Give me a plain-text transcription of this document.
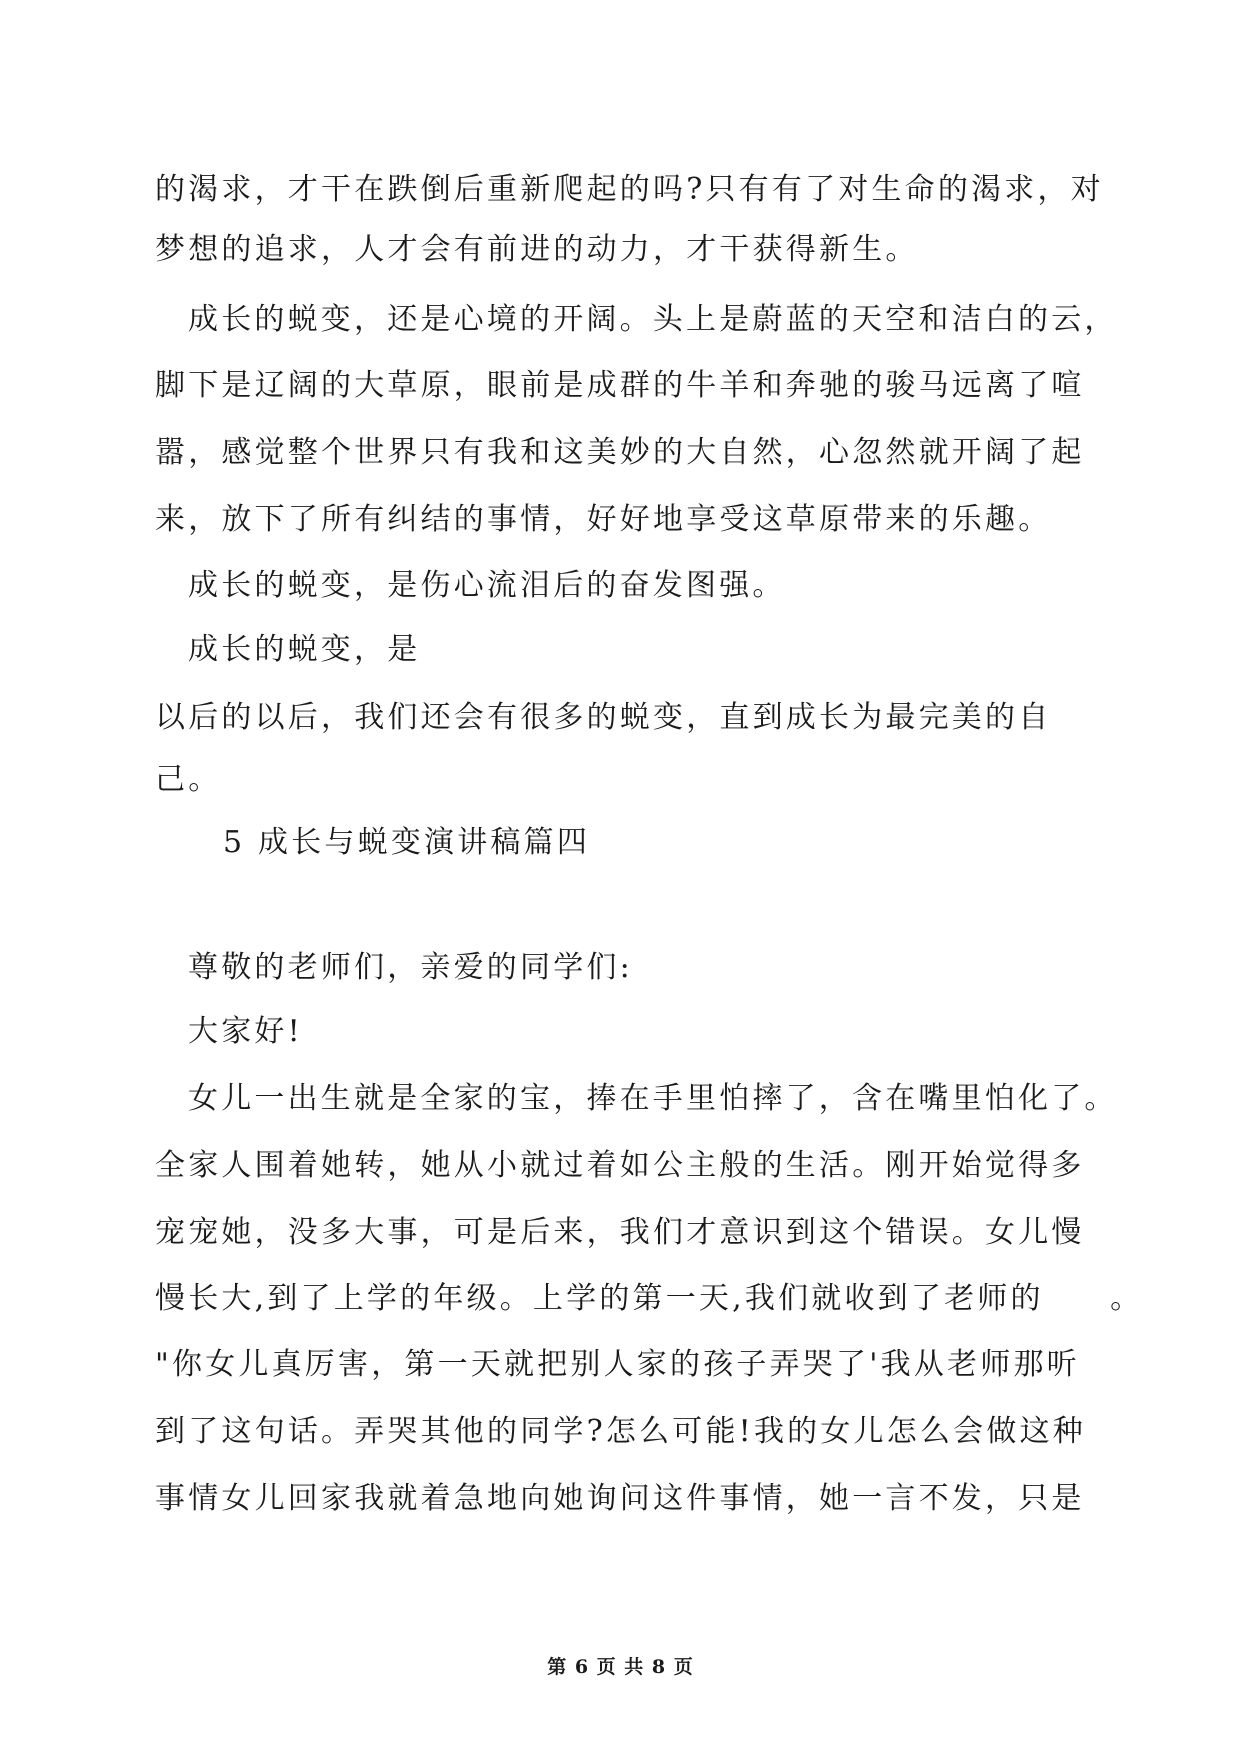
的渴求，才干在跌倒后重新爬起的吗?只有有了对生命的渴求，对
梦想的追求，人才会有前进的动力，才干获得新生。
成长的蜕变，还是心境的开阔。头上是蔚蓝的天空和洁白的云，
脚下是辽阔的大草原，眼前是成群的牛羊和奔驰的骏马远离了喧
嚣，感觉整个世界只有我和这美妙的大自然，心忽然就开阔了起
来，放下了所有纠结的事情，好好地享受这草原带来的乐趣。
成长的蜕变，是伤心流泪后的奋发图强。
成长的蜕变，是
以后的以后，我们还会有很多的蜕变，直到成长为最完美的自
己。
5 成长与蜕变演讲稿篇四
尊敬的老师们，亲爱的同学们:
大家好!
女儿一出生就是全家的宝，捧在手里怕摔了，含在嘴里怕化了。
全家人围着她转，她从小就过着如公主般的生活。刚开始觉得多
宠宠她，没多大事，可是后来，我们才意识到这个错误。女儿慢
慢长大,到了上学的年级。上学的第一天,我们就收到了老师的　　。
"你女儿真厉害，第一天就把别人家的孩子弄哭了'我从老师那听
到了这句话。弄哭其他的同学?怎么可能!我的女儿怎么会做这种
事情女儿回家我就着急地向她询问这件事情，她一言不发，只是
第 6 页 共 8 页
